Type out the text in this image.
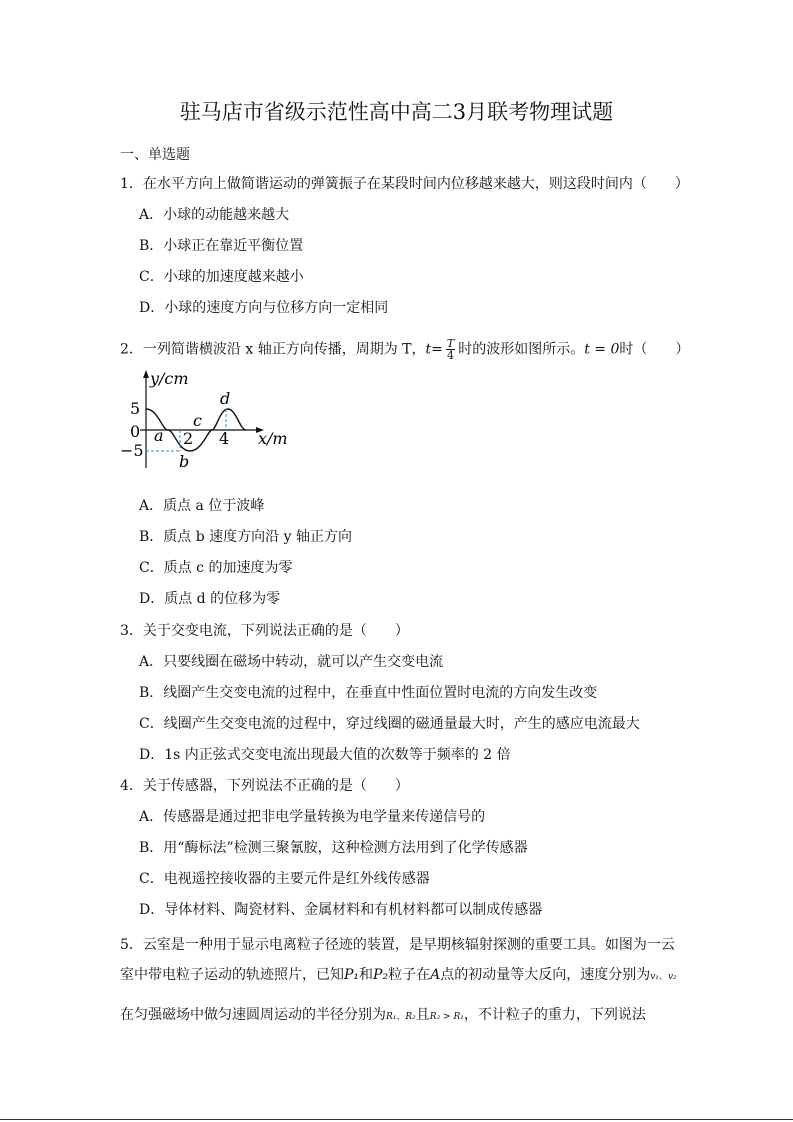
驻马店市省级示范性高中高二3月联考物理试题
一、单选题
1．在水平方向上做简谐运动的弹簧振子在某段时间内位移越来越大，则这段时间内（　　）
A．小球的动能越来越大
B．小球正在靠近平衡位置
C．小球的加速度越来越小
D．小球的速度方向与位移方向一定相同
2．一列简谐横波沿 x 轴正方向传播，周期为 T，$t= \frac{T}{4}$ 时的波形如图所示。t = 0时（　　）
y/cm
x/m
5
0
−5
2 4
a
b
c
d
A．质点 a 位于波峰
B．质点 b 速度方向沿 y 轴正方向
C．质点 c 的加速度为零
D．质点 d 的位移为零
3．关于交变电流，下列说法正确的是（　　）
A．只要线圈在磁场中转动，就可以产生交变电流
B．线圈产生交变电流的过程中，在垂直中性面位置时电流的方向发生改变
C．线圈产生交变电流的过程中，穿过线圈的磁通量最大时，产生的感应电流最大
D．1s 内正弦式交变电流出现最大值的次数等于频率的 2 倍
4．关于传感器，下列说法不正确的是（　　）
A．传感器是通过把非电学量转换为电学量来传递信号的
B．用“酶标法”检测三聚氰胺，这种检测方法用到了化学传感器
C．电视遥控接收器的主要元件是红外线传感器
D．导体材料、陶瓷材料、金属材料和有机材料都可以制成传感器
5．云室是一种用于显示电离粒子径迹的装置，是早期核辐射探测的重要工具。如图为一云
室中带电粒子运动的轨迹照片，已知P₁和P₂粒子在A点的初动量等大反向，速度分别为v₁、v₂
在匀强磁场中做匀速圆周运动的半径分别为R₁、R₂且R₂ > R₁，不计粒子的重力，下列说法
